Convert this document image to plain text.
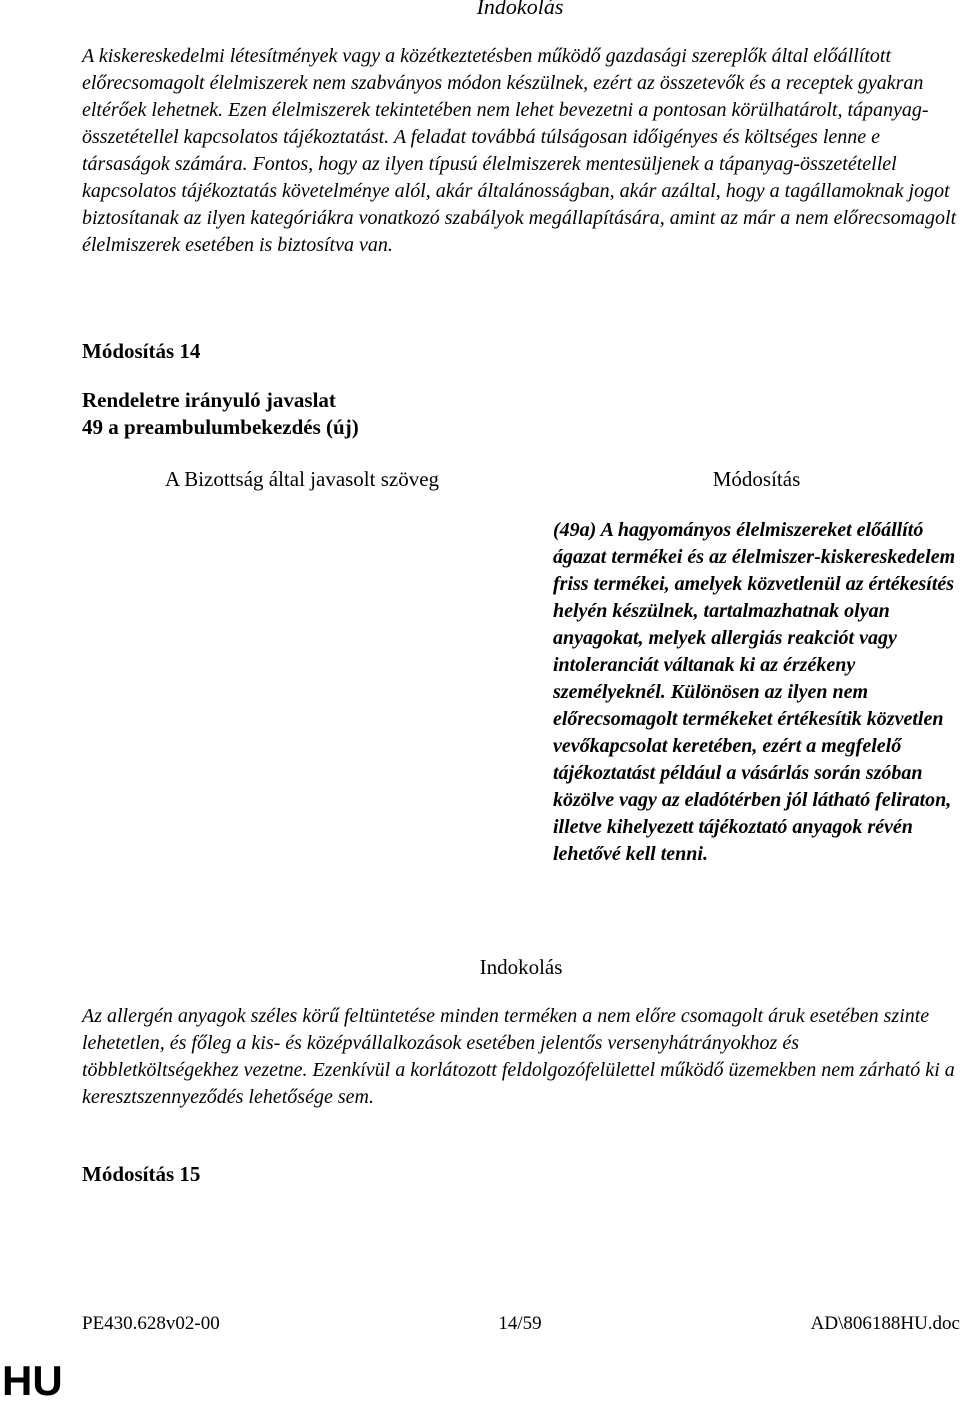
Indokolás
A kiskereskedelmi létesítmények vagy a közétkeztetésben működő gazdasági szereplők által előállított előrecsomagolt élelmiszerek nem szabványos módon készülnek, ezért az összetevők és a receptek gyakran eltérőek lehetnek. Ezen élelmiszerek tekintetében nem lehet bevezetni a pontosan körülhatárolt, tápanyag-összetétellel kapcsolatos tájékoztatást. A feladat továbbá túlságosan időigényes és költséges lenne e társaságok számára. Fontos, hogy az ilyen típusú élelmiszerek mentesüljenek a tápanyag-összetétellel kapcsolatos tájékoztatás követelménye alól, akár általánosságban, akár azáltal, hogy a tagállamoknak jogot biztosítanak az ilyen kategóriákra vonatkozó szabályok megállapítására, amint az már a nem előrecsomagolt élelmiszerek esetében is biztosítva van.
Módosítás 14
Rendeletre irányuló javaslat
49 a preambulumbekezdés (új)
A Bizottság által javasolt szöveg	Módosítás
(49a) A hagyományos élelmiszereket előállító ágazat termékei és az élelmiszer-kiskereskedelem friss termékei, amelyek közvetlenül az értékesítés helyén készülnek, tartalmazhatnak olyan anyagokat, melyek allergiás reakciót vagy intoleranciát váltanak ki az érzékeny személyeknél. Különösen az ilyen nem előrecsomagolt termékeket értékesítik közvetlen vevőkapcsolat keretében, ezért a megfelelő tájékoztatást például a vásárlás során szóban közölve vagy az eladótérben jól látható feliraton, illetve kihelyezett tájékoztató anyagok révén lehetővé kell tenni.
Indokolás
Az allergén anyagok széles körű feltüntetése minden terméken a nem előre csomagolt áruk esetében szinte lehetetlen, és főleg a kis- és középvállalkozások esetében jelentős versenyhátrányokhoz és többletköltségekhez vezetne. Ezenkívül a korlátozott feldolgozófelülettel működő üzemekben nem zárható ki a keresztszennyeződés lehetősége sem.
Módosítás 15
PE430.628v02-00	14/59	AD\806188HU.doc
HU
